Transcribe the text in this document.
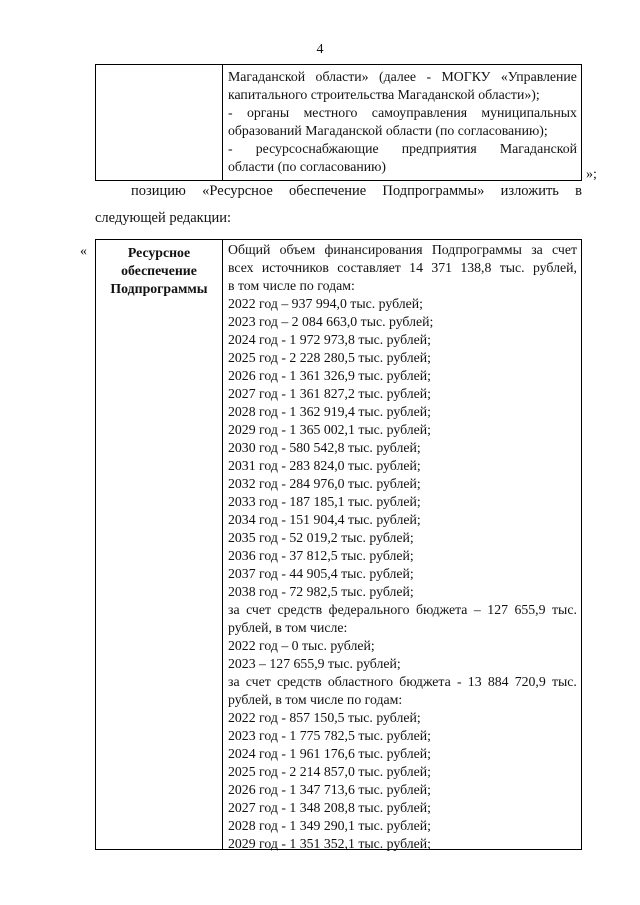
4
Магаданской области» (далее - МОГКУ «Управление
капитального строительства Магаданской области»);
- органы местного самоуправления муниципальных
образований Магаданской области (по согласованию);
- ресурсоснабжающие предприятия Магаданской
области (по согласованию)
»;
позицию «Ресурсное обеспечение Подпрограммы» изложить в
следующей редакции:
«	Ресурсное
обеспечение
Подпрограммы
Общий объем финансирования Подпрограммы за счет
всех источников составляет 14 371 138,8 тыс. рублей,
в том числе по годам:
2022 год – 937 994,0 тыс. рублей;
2023 год – 2 084 663,0 тыс. рублей;
2024 год - 1 972 973,8 тыс. рублей;
2025 год - 2 228 280,5 тыс. рублей;
2026 год - 1 361 326,9 тыс. рублей;
2027 год - 1 361 827,2 тыс. рублей;
2028 год - 1 362 919,4 тыс. рублей;
2029 год - 1 365 002,1 тыс. рублей;
2030 год - 580 542,8 тыс. рублей;
2031 год - 283 824,0 тыс. рублей;
2032 год - 284 976,0 тыс. рублей;
2033 год - 187 185,1 тыс. рублей;
2034 год - 151 904,4 тыс. рублей;
2035 год - 52 019,2 тыс. рублей;
2036 год - 37 812,5 тыс. рублей;
2037 год - 44 905,4 тыс. рублей;
2038 год - 72 982,5 тыс. рублей;
за счет средств федерального бюджета – 127 655,9 тыс.
рублей, в том числе:
2022 год – 0 тыс. рублей;
2023 – 127 655,9 тыс. рублей;
за счет средств областного бюджета - 13 884 720,9 тыс.
рублей, в том числе по годам:
2022 год - 857 150,5 тыс. рублей;
2023 год - 1 775 782,5 тыс. рублей;
2024 год - 1 961 176,6 тыс. рублей;
2025 год - 2 214 857,0 тыс. рублей;
2026 год - 1 347 713,6 тыс. рублей;
2027 год - 1 348 208,8 тыс. рублей;
2028 год - 1 349 290,1 тыс. рублей;
2029 год - 1 351 352,1 тыс. рублей;
